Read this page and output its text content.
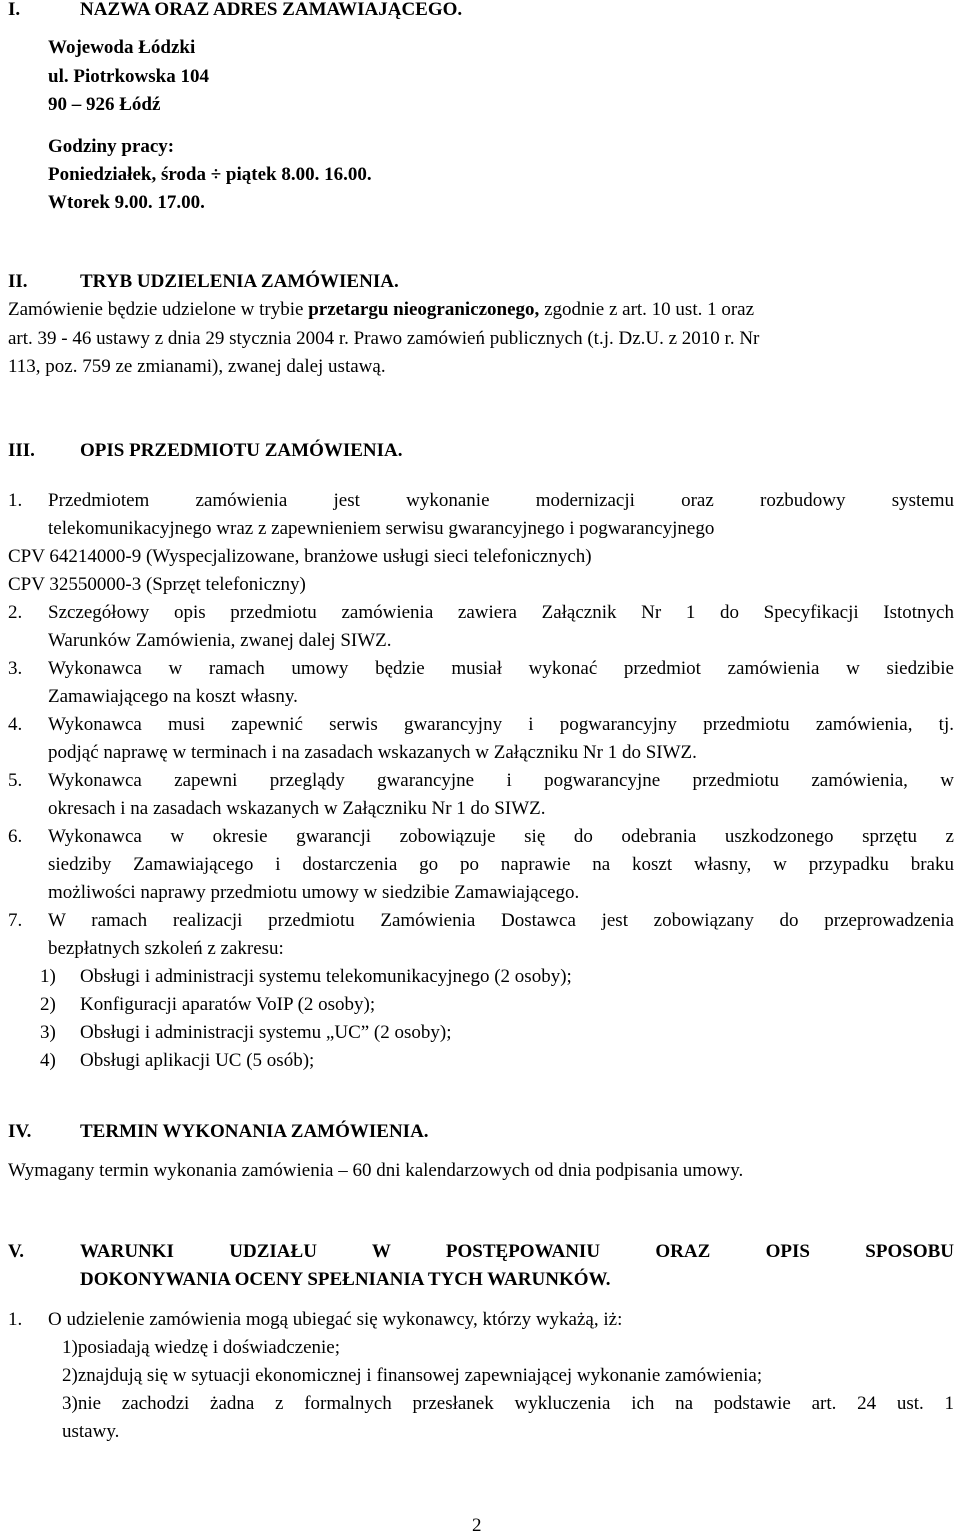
I.	NAZWA ORAZ ADRES ZAMAWIAJĄCEGO.
Wojewoda Łódzki
ul. Piotrkowska 104
90 – 926 Łódź
Godziny pracy:
Poniedziałek, środa ÷ piątek 8.00. 16.00.
Wtorek 9.00. 17.00.
II.	TRYB UDZIELENIA ZAMÓWIENIA.
Zamówienie będzie udzielone w trybie przetargu nieograniczonego, zgodnie z art. 10 ust. 1 oraz
art. 39 - 46 ustawy z dnia 29 stycznia 2004 r. Prawo zamówień publicznych (t.j. Dz.U. z 2010 r. Nr
113, poz. 759 ze zmianami), zwanej dalej ustawą.
III. OPIS PRZEDMIOTU ZAMÓWIENIA.
1. Przedmiotem zamówienia jest wykonanie modernizacji oraz rozbudowy systemu
telekomunikacyjnego wraz z zapewnieniem serwisu gwarancyjnego i pogwarancyjnego
CPV 64214000-9 (Wyspecjalizowane, branżowe usługi sieci telefonicznych)
CPV 32550000-3 (Sprzęt telefoniczny)
2. Szczegółowy opis przedmiotu zamówienia zawiera Załącznik Nr 1 do Specyfikacji Istotnych
Warunków Zamówienia, zwanej dalej SIWZ.
3. Wykonawca w ramach umowy będzie musiał wykonać przedmiot zamówienia w siedzibie
Zamawiającego na koszt własny.
4. Wykonawca musi zapewnić serwis gwarancyjny i pogwarancyjny przedmiotu zamówienia, tj.
podjąć naprawę w terminach i na zasadach wskazanych w Załączniku Nr 1 do SIWZ.
5. Wykonawca zapewni przeglądy gwarancyjne i pogwarancyjne przedmiotu zamówienia, w
okresach i na zasadach wskazanych w Załączniku Nr 1 do SIWZ.
6. Wykonawca w okresie gwarancji zobowiązuje się do odebrania uszkodzonego sprzętu z
siedziby Zamawiającego i dostarczenia go po naprawie na koszt własny, w przypadku braku
możliwości naprawy przedmiotu umowy w siedzibie Zamawiającego.
7. W ramach realizacji przedmiotu Zamówienia Dostawca jest zobowiązany do przeprowadzenia
bezpłatnych szkoleń z zakresu:
1) Obsługi i administracji systemu telekomunikacyjnego (2 osoby);
2) Konfiguracji aparatów VoIP (2 osoby);
3) Obsługi i administracji systemu „UC” (2 osoby);
4) Obsługi aplikacji UC (5 osób);
IV.	TERMIN WYKONANIA ZAMÓWIENIA.
Wymagany termin wykonania zamówienia – 60 dni kalendarzowych od dnia podpisania umowy.
V.	WARUNKI UDZIAŁU W POSTĘPOWANIU ORAZ OPIS SPOSOBU
DOKONYWANIA OCENY SPEŁNIANIA TYCH WARUNKÓW.
1. O udzielenie zamówienia mogą ubiegać się wykonawcy, którzy wykażą, iż:
1)posiadają wiedzę i doświadczenie;
2)znajdują się w sytuacji ekonomicznej i finansowej zapewniającej wykonanie zamówienia;
3)nie zachodzi żadna z formalnych przesłanek wykluczenia ich na podstawie art. 24 ust. 1
ustawy.
2
